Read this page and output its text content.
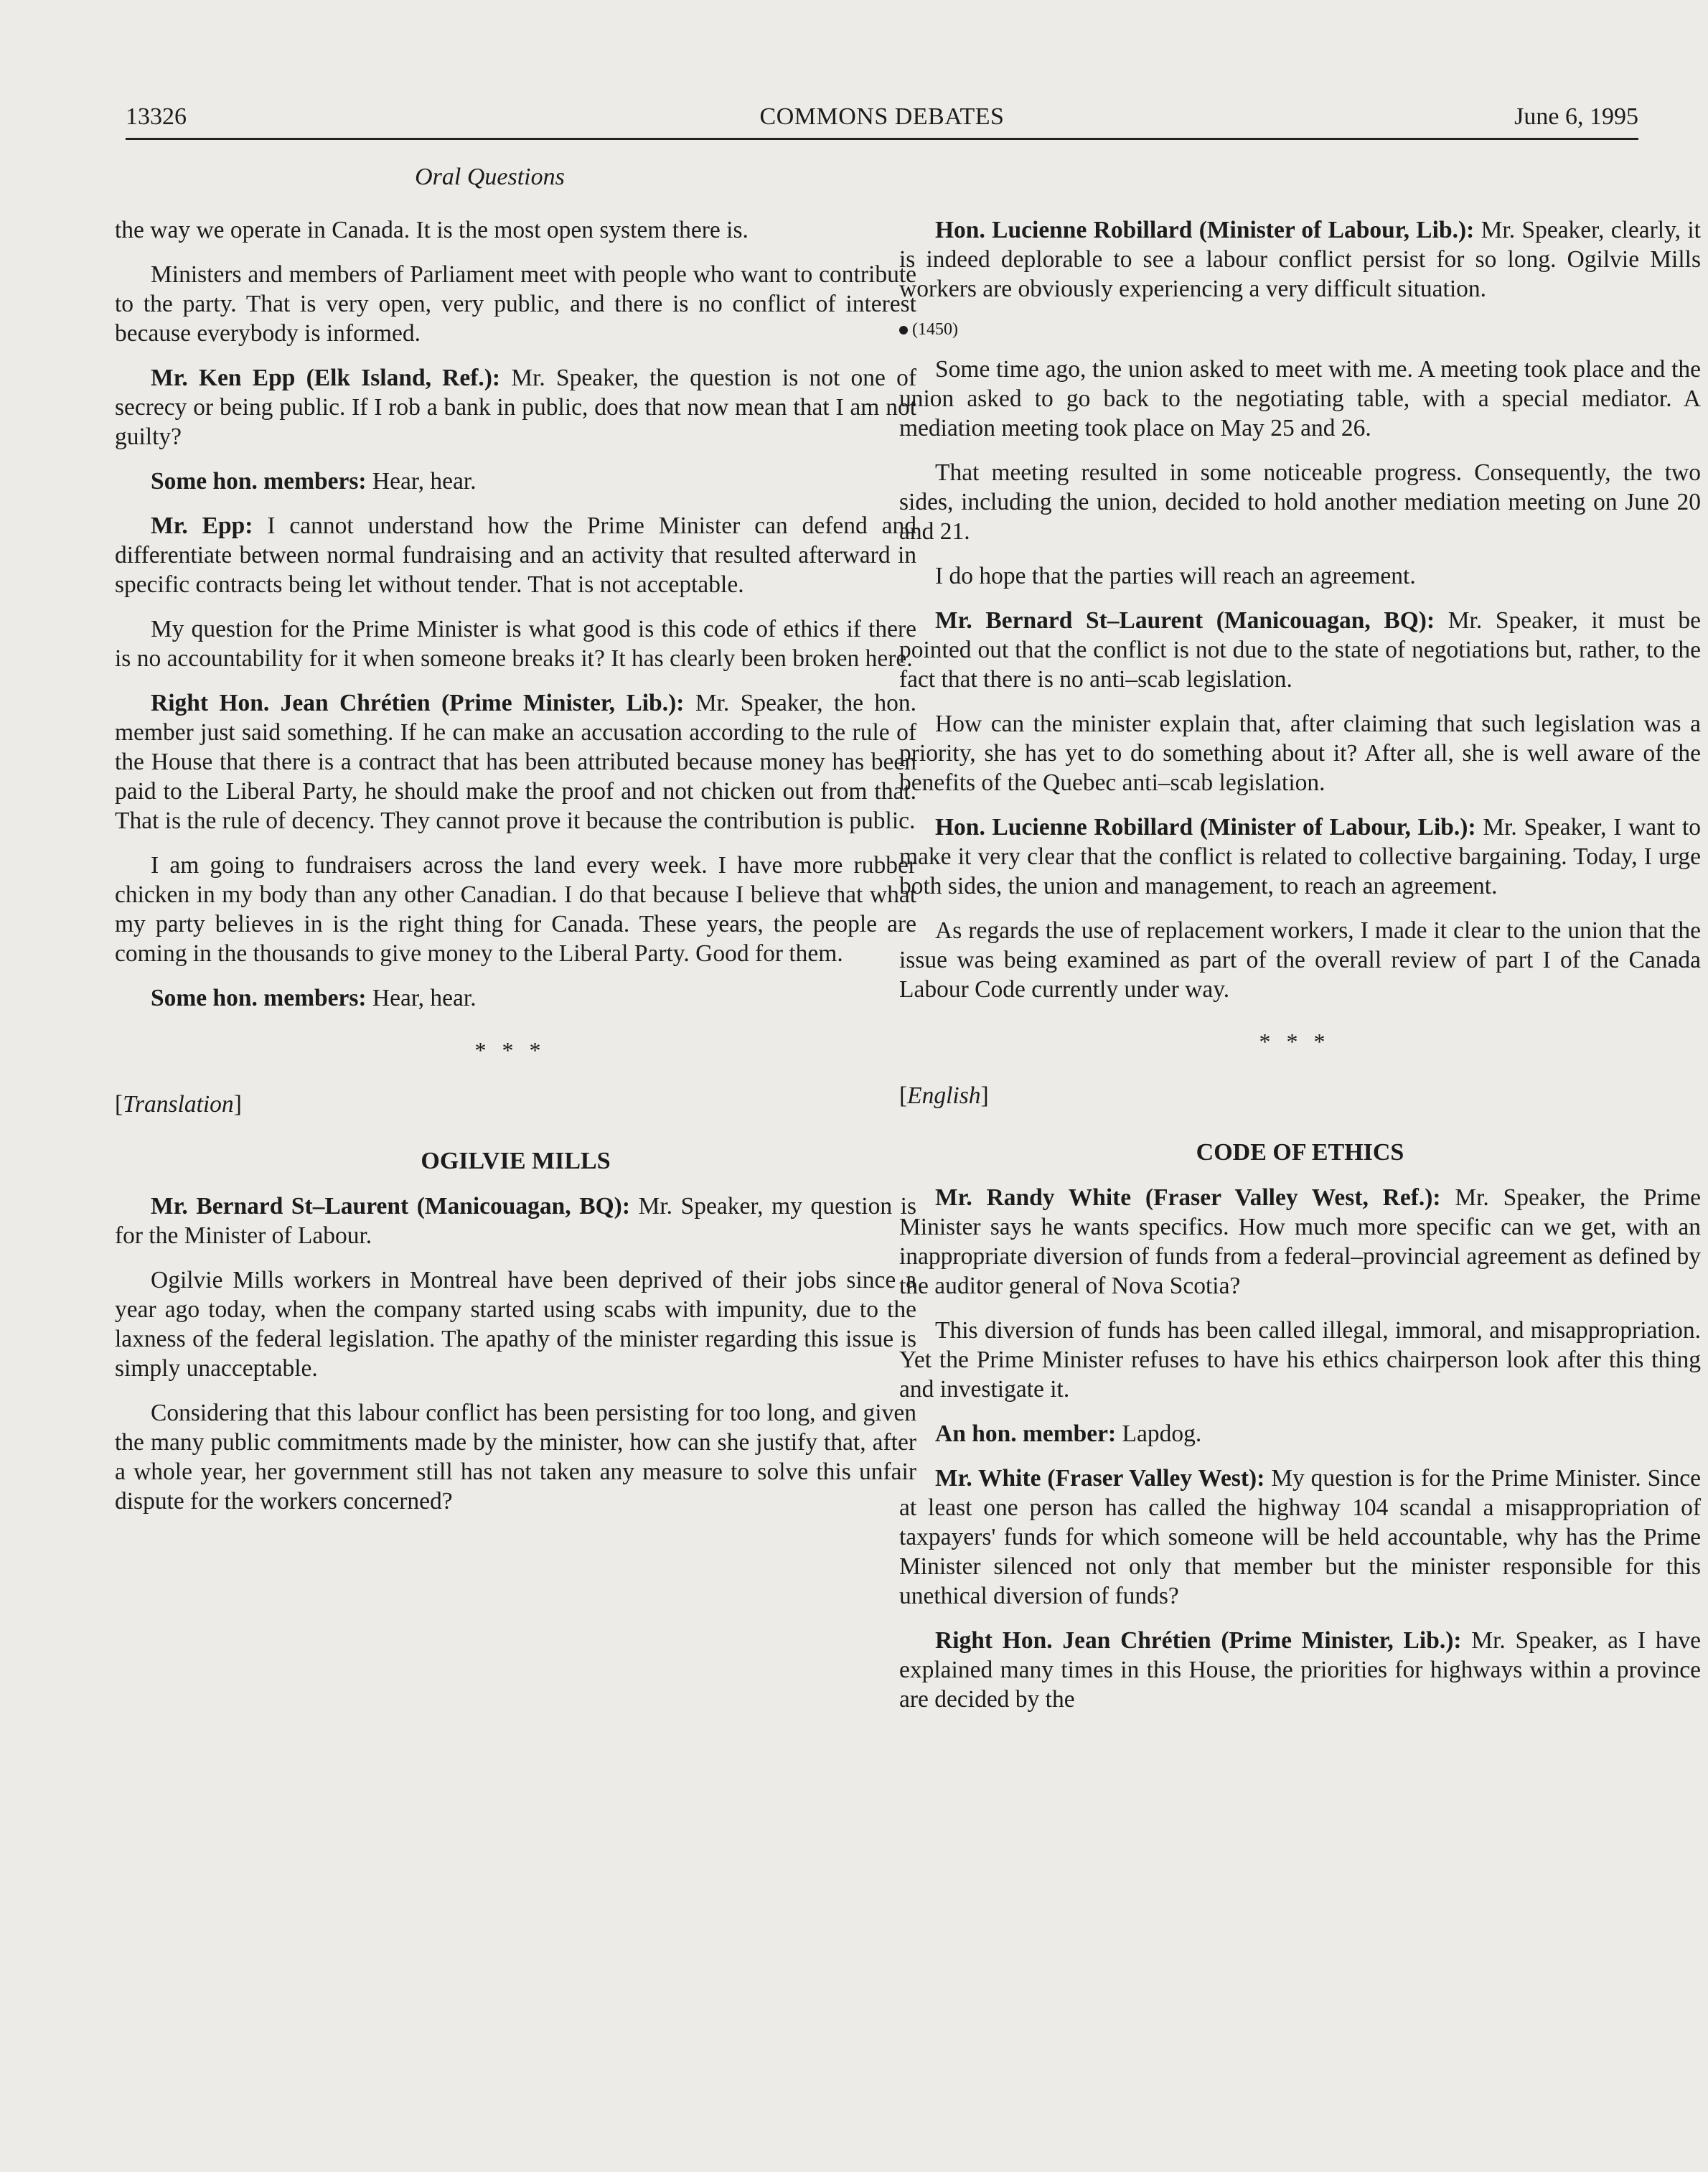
13326	COMMONS DEBATES	June 6, 1995
Oral Questions

the way we operate in Canada. It is the most open system there is.

Ministers and members of Parliament meet with people who want to contribute to the party. That is very open, very public, and there is no conflict of interest because everybody is informed.

Mr. Ken Epp (Elk Island, Ref.): Mr. Speaker, the question is not one of secrecy or being public. If I rob a bank in public, does that now mean that I am not guilty?

Some hon. members: Hear, hear.

Mr. Epp: I cannot understand how the Prime Minister can defend and differentiate between normal fundraising and an activity that resulted afterward in specific contracts being let without tender. That is not acceptable.

My question for the Prime Minister is what good is this code of ethics if there is no accountability for it when someone breaks it? It has clearly been broken here.

Right Hon. Jean Chrétien (Prime Minister, Lib.): Mr. Speaker, the hon. member just said something. If he can make an accusation according to the rule of the House that there is a contract that has been attributed because money has been paid to the Liberal Party, he should make the proof and not chicken out from that. That is the rule of decency. They cannot prove it because the contribution is public.

I am going to fundraisers across the land every week. I have more rubber chicken in my body than any other Canadian. I do that because I believe that what my party believes in is the right thing for Canada. These years, the people are coming in the thousands to give money to the Liberal Party. Good for them.

Some hon. members: Hear, hear.

***
[Translation]
OGILVIE MILLS

Mr. Bernard St–Laurent (Manicouagan, BQ): Mr. Speaker, my question is for the Minister of Labour.

Ogilvie Mills workers in Montreal have been deprived of their jobs since a year ago today, when the company started using scabs with impunity, due to the laxness of the federal legislation. The apathy of the minister regarding this issue is simply unacceptable.

Considering that this labour conflict has been persisting for too long, and given the many public commitments made by the minister, how can she justify that, after a whole year, her government still has not taken any measure to solve this unfair dispute for the workers concerned?

Hon. Lucienne Robillard (Minister of Labour, Lib.): Mr. Speaker, clearly, it is indeed deplorable to see a labour conflict persist for so long. Ogilvie Mills workers are obviously experiencing a very difficult situation.

(1450)

Some time ago, the union asked to meet with me. A meeting took place and the union asked to go back to the negotiating table, with a special mediator. A mediation meeting took place on May 25 and 26.

That meeting resulted in some noticeable progress. Consequently, the two sides, including the union, decided to hold another mediation meeting on June 20 and 21.

I do hope that the parties will reach an agreement.

Mr. Bernard St–Laurent (Manicouagan, BQ): Mr. Speaker, it must be pointed out that the conflict is not due to the state of negotiations but, rather, to the fact that there is no anti–scab legislation.

How can the minister explain that, after claiming that such legislation was a priority, she has yet to do something about it? After all, she is well aware of the benefits of the Quebec anti–scab legislation.

Hon. Lucienne Robillard (Minister of Labour, Lib.): Mr. Speaker, I want to make it very clear that the conflict is related to collective bargaining. Today, I urge both sides, the union and management, to reach an agreement.

As regards the use of replacement workers, I made it clear to the union that the issue was being examined as part of the overall review of part I of the Canada Labour Code currently under way.

***
[English]
CODE OF ETHICS

Mr. Randy White (Fraser Valley West, Ref.): Mr. Speaker, the Prime Minister says he wants specifics. How much more specific can we get, with an inappropriate diversion of funds from a federal–provincial agreement as defined by the auditor general of Nova Scotia?

This diversion of funds has been called illegal, immoral, and misappropriation. Yet the Prime Minister refuses to have his ethics chairperson look after this thing and investigate it.

An hon. member: Lapdog.

Mr. White (Fraser Valley West): My question is for the Prime Minister. Since at least one person has called the highway 104 scandal a misappropriation of taxpayers' funds for which someone will be held accountable, why has the Prime Minister silenced not only that member but the minister responsible for this unethical diversion of funds?

Right Hon. Jean Chrétien (Prime Minister, Lib.): Mr. Speaker, as I have explained many times in this House, the priorities for highways within a province are decided by the
